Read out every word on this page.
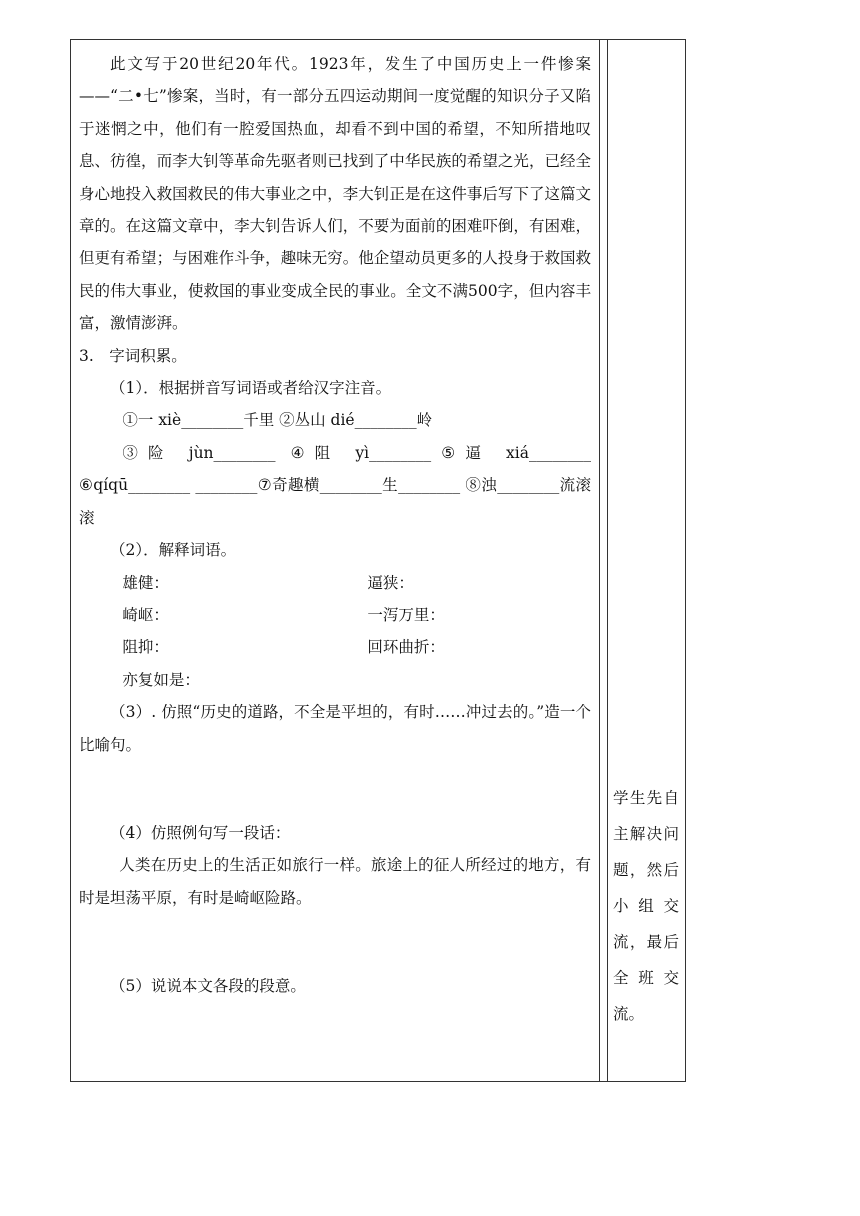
此文写于20世纪20年代。1923年，发生了中国历史上一件惨案——“二•七”惨案，当时，有一部分五四运动期间一度觉醒的知识分子又陷于迷惘之中，他们有一腔爱国热血，却看不到中国的希望，不知所措地叹息、彷徨，而李大钊等革命先驱者则已找到了中华民族的希望之光，已经全身心地投入救国救民的伟大事业之中，李大钊正是在这件事后写下了这篇文章的。在这篇文章中，李大钊告诉人们，不要为面前的困难吓倒，有困难，但更有希望；与困难作斗争，趣味无穷。他企望动员更多的人投身于救国救民的伟大事业，使救国的事业变成全民的事业。全文不满500字，但内容丰富，激情澎湃。

3.　字词积累。

（1）．根据拼音写词语或者给汉字注音。

①一 xiè________千里 ②丛山 dié________岭

③险 jùn________ ④阻 yì________⑤逼 xiá________ ⑥qíqū________ ________⑦奇趣横________生________ ⑧浊________流滚滚

（2）．解释词语。

雄健：	逼狭：
崎岖：	一泻万里：
阻抑：	回环曲折：

亦复如是：

（3）. 仿照“历史的道路，不全是平坦的，有时……冲过去的。”造一个比喻句。

（4）仿照例句写一段话：

人类在历史上的生活正如旅行一样。旅途上的征人所经过的地方，有时是坦荡平原，有时是崎岖险路。

（5）说说本文各段的段意。

学生先自主解决问题，然后小组交流，最后全班交流。
